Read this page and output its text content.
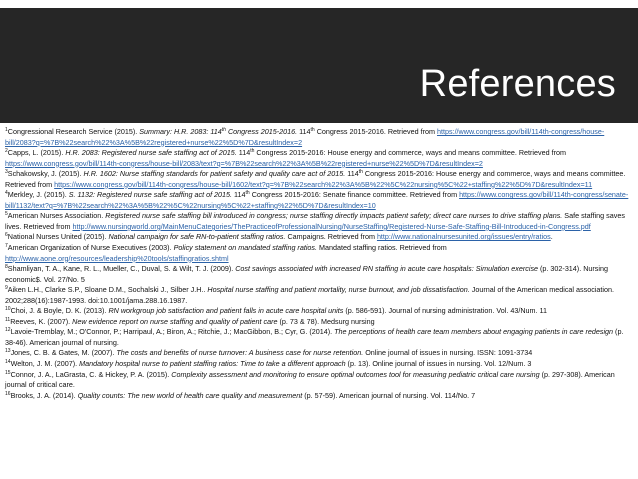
References

$^1$Congressional Research Service (2015). Summary: H.R. 2083: 114th Congress 2015-2016. 114th Congress 2015-2016. Retrieved from https://www.congress.gov/bill/114th-congress/house-bill/2083?q=%7B%22search%22%3A%5B%22registered+nurse%22%5D%7D&resultIndex=2

$^2$Capps, L. (2015). H.R. 2083: Registered nurse safe staffing act of 2015. 114th Congress 2015-2016: House energy and commerce, ways and means committee. Retrieved from https://www.congress.gov/bill/114th-congress/house-bill/2083/text?q=%7B%22search%22%3A%5B%22registered+nurse%22%5D%7D&resultIndex=2

$^3$Schakowsky, J. (2015). H.R. 1602: Nurse staffing standards for patient safety and quality care act of 2015. 114th Congress 2015-2016: House energy and commerce, ways and means committee. Retrieved from https://www.congress.gov/bill/114th-congress/house-bill/1602/text?q=%7B%22search%22%3A%5B%22%5C%22nursing%5C%22+staffing%22%5D%7D&resultIndex=11

$^4$Merkley, J. (2015). S. 1132: Registered nurse safe staffing act of 2015. 114th Congress 2015-2016: Senate finance committee. Retrieved from https://www.congress.gov/bill/114th-congress/senate-bill/1132/text?q=%7B%22search%22%3A%5B%22%5C%22nursing%5C%22+staffing%22%5D%7D&resultIndex=10

$^5$American Nurses Association. Registered nurse safe staffing bill introduced in congress; nurse staffing directly impacts patient safety; direct care nurses to drive staffing plans. Safe staffing saves lives. Retrieved from http://www.nursingworld.org/MainMenuCategories/ThePracticeofProfessionalNursing/NurseStaffing/Registered-Nurse-Safe-Staffing-Bill-Introduced-in-Congress.pdf

$^6$National Nurses United (2015). National campaign for safe RN-to-patient staffing ratios. Campaigns. Retrieved from http://www.nationalnursesunited.org/issues/entry/ratios.

$^7$American Organization of Nurse Executives (2003). Policy statement on mandated staffing ratios. Mandated staffing ratios. Retrieved from http://www.aone.org/resources/leadership%20tools/staffingratios.shtml

$^8$Shamliyan, T. A., Kane, R. L., Mueller, C., Duval, S. & Wilt, T. J. (2009). Cost savings associated with increased RN staffing in acute care hospitals: Simulation exercise (p. 302-314). Nursing economic$. Vol. 27/No. 5

$^9$Aiken L.H., Clarke S.P., Sloane D.M., Sochalski J., Silber J.H.. Hospital nurse staffing and patient mortality, nurse burnout, and job dissatisfaction. Journal of the American medical association. 2002;288(16):1987-1993. doi:10.1001/jama.288.16.1987.

$^{10}$Choi, J. & Boyle, D. K. (2013). RN workgroup job satisfaction and patient falls in acute care hospital units (p. 586-591). Journal of nursing administration. Vol. 43/Num. 11

$^{11}$Reeves, K. (2007). New evidence report on nurse staffing and quality of patient care (p. 73 & 78). Medsurg nursing

$^{12}$Lavoie-Tremblay, M.; O'Connor, P.; Harripaul, A.; Biron, A.; Ritchie, J.; MacGibbon, B.; Cyr, G. (2014). The perceptions of health care team members about engaging patients in care redesign (p. 38-46). American journal of nursing.

$^{13}$Jones, C. B. & Gates, M. (2007). The costs and benefits of nurse turnover: A business case for nurse retention. Online journal of issues in nursing. ISSN: 1091-3734

$^{14}$Welton, J. M. (2007). Mandatory hospital nurse to patient staffing ratios: Time to take a different approach (p. 13). Online journal of issues in nursing. Vol. 12/Num. 3

$^{15}$Connor, J. A., LaGrasta, C. & Hickey, P. A. (2015). Complexity assessment and monitoring to ensure optimal outcomes tool for measuring pediatric critical care nursing (p. 297-308). American journal of critical care.

$^{16}$Brooks, J. A. (2014). Quality counts: The new world of health care quality and measurement (p. 57-59). American journal of nursing. Vol. 114/No. 7
